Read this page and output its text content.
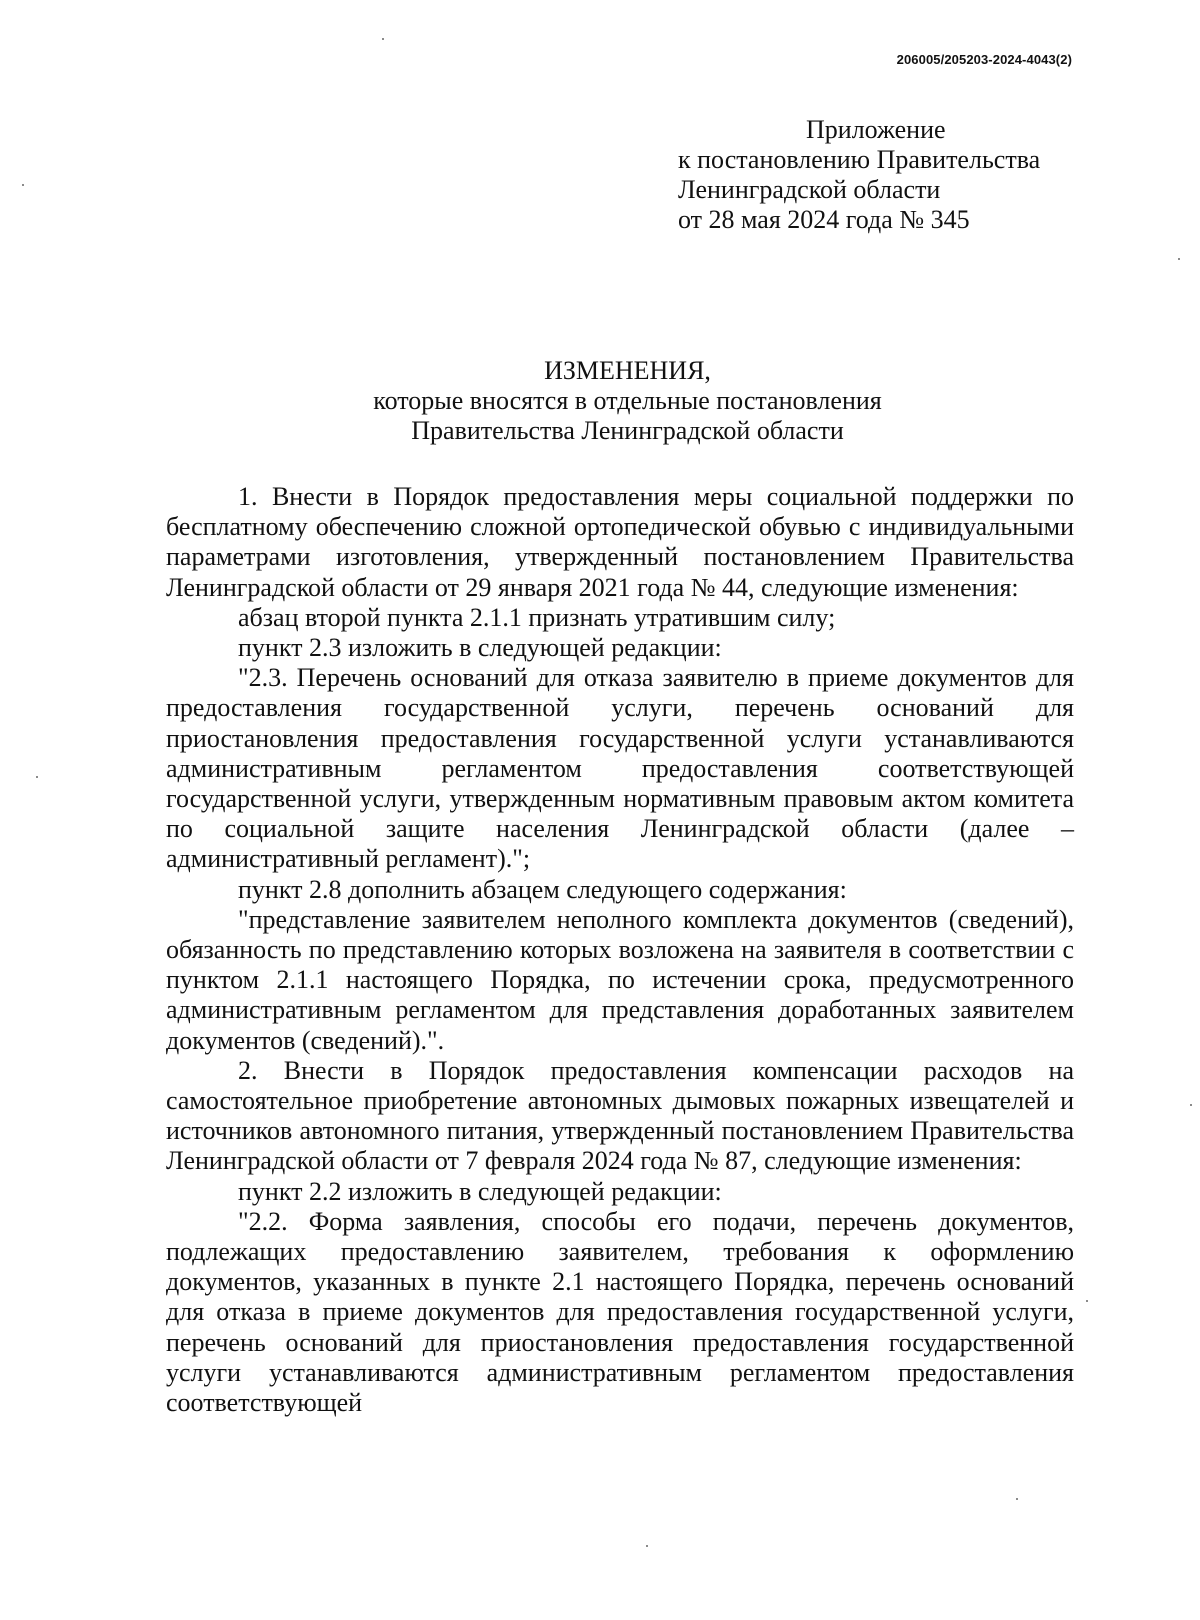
206005/205203-2024-4043(2)
Приложение
к постановлению Правительства
Ленинградской области
от 28 мая 2024 года № 345
ИЗМЕНЕНИЯ,
которые вносятся в отдельные постановления
Правительства Ленинградской области

1. Внести в Порядок предоставления меры социальной поддержки по бесплатному обеспечению сложной ортопедической обувью с индивидуальными параметрами изготовления, утвержденный постановлением Правительства Ленинградской области от 29 января 2021 года № 44, следующие изменения:

абзац второй пункта 2.1.1 признать утратившим силу;

пункт 2.3 изложить в следующей редакции:

"2.3. Перечень оснований для отказа заявителю в приеме документов для предоставления государственной услуги, перечень оснований для приостановления предоставления государственной услуги устанавливаются административным регламентом предоставления соответствующей государственной услуги, утвержденным нормативным правовым актом комитета по социальной защите населения Ленинградской области (далее – административный регламент).";

пункт 2.8 дополнить абзацем следующего содержания:

"представление заявителем неполного комплекта документов (сведений), обязанность по представлению которых возложена на заявителя в соответствии с пунктом 2.1.1 настоящего Порядка, по истечении срока, предусмотренного административным регламентом для представления доработанных заявителем документов (сведений).".

2. Внести в Порядок предоставления компенсации расходов на самостоятельное приобретение автономных дымовых пожарных извещателей и источников автономного питания, утвержденный постановлением Правительства Ленинградской области от 7 февраля 2024 года № 87, следующие изменения:

пункт 2.2 изложить в следующей редакции:

"2.2. Форма заявления, способы его подачи, перечень документов, подлежащих предоставлению заявителем, требования к оформлению документов, указанных в пункте 2.1 настоящего Порядка, перечень оснований для отказа в приеме документов для предоставления государственной услуги, перечень оснований для приостановления предоставления государственной услуги устанавливаются административным регламентом предоставления соответствующей
